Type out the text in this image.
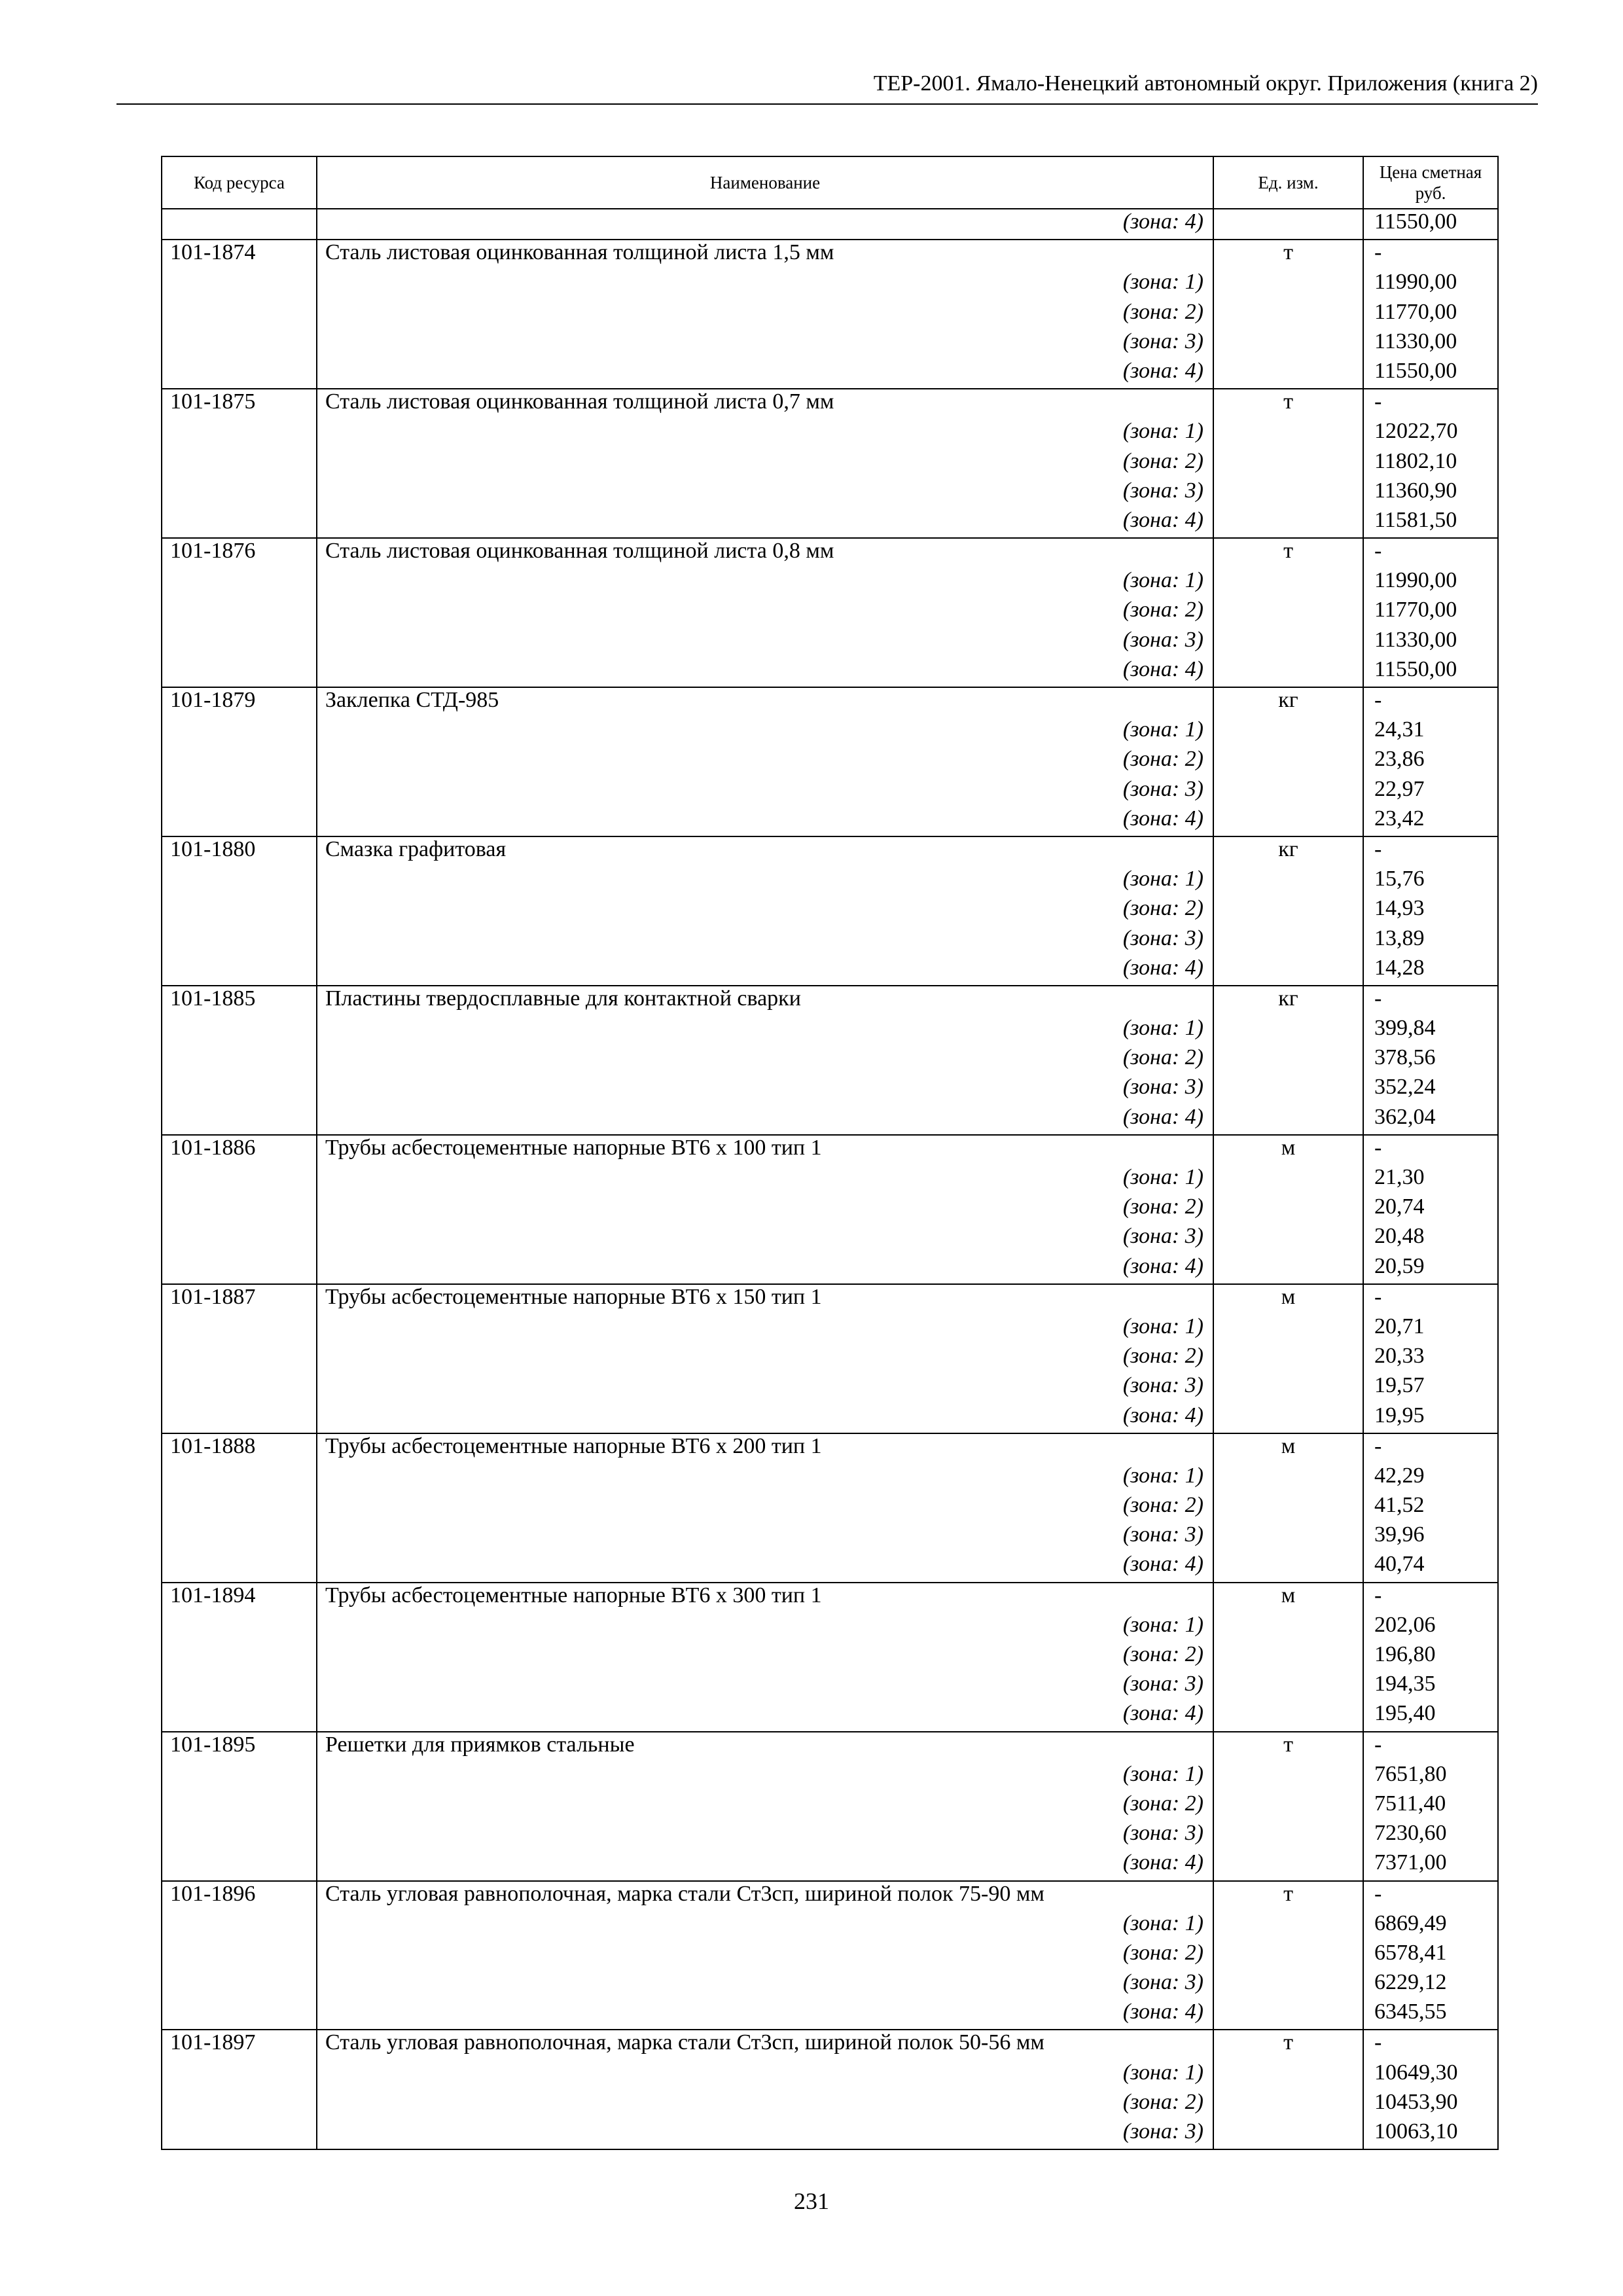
ТЕР-2001. Ямало-Ненецкий автономный округ. Приложения (книга 2)
Код ресурса	Наименование	Ед. изм.	Цена сметная руб.
	(зона: 4)		11550,00
101-1874	Сталь листовая оцинкованная толщиной листа 1,5 мм	т	-
	(зона: 1)		11990,00
	(зона: 2)		11770,00
	(зона: 3)		11330,00
	(зона: 4)		11550,00
101-1875	Сталь листовая оцинкованная толщиной листа 0,7 мм	т	-
	(зона: 1)		12022,70
	(зона: 2)		11802,10
	(зона: 3)		11360,90
	(зона: 4)		11581,50
101-1876	Сталь листовая оцинкованная толщиной листа 0,8 мм	т	-
	(зона: 1)		11990,00
	(зона: 2)		11770,00
	(зона: 3)		11330,00
	(зона: 4)		11550,00
101-1879	Заклепка СТД-985	кг	-
	(зона: 1)		24,31
	(зона: 2)		23,86
	(зона: 3)		22,97
	(зона: 4)		23,42
101-1880	Смазка графитовая	кг	-
	(зона: 1)		15,76
	(зона: 2)		14,93
	(зона: 3)		13,89
	(зона: 4)		14,28
101-1885	Пластины твердосплавные для контактной сварки	кг	-
	(зона: 1)		399,84
	(зона: 2)		378,56
	(зона: 3)		352,24
	(зона: 4)		362,04
101-1886	Трубы асбестоцементные напорные ВТ6 х 100 тип 1	м	-
	(зона: 1)		21,30
	(зона: 2)		20,74
	(зона: 3)		20,48
	(зона: 4)		20,59
101-1887	Трубы асбестоцементные напорные ВТ6 х 150 тип 1	м	-
	(зона: 1)		20,71
	(зона: 2)		20,33
	(зона: 3)		19,57
	(зона: 4)		19,95
101-1888	Трубы асбестоцементные напорные ВТ6 х 200 тип 1	м	-
	(зона: 1)		42,29
	(зона: 2)		41,52
	(зона: 3)		39,96
	(зона: 4)		40,74
101-1894	Трубы асбестоцементные напорные ВТ6 х 300 тип 1	м	-
	(зона: 1)		202,06
	(зона: 2)		196,80
	(зона: 3)		194,35
	(зона: 4)		195,40
101-1895	Решетки для приямков стальные	т	-
	(зона: 1)		7651,80
	(зона: 2)		7511,40
	(зона: 3)		7230,60
	(зона: 4)		7371,00
101-1896	Сталь угловая равнополочная, марка стали Ст3сп, шириной полок 75-90 мм	т	-
	(зона: 1)		6869,49
	(зона: 2)		6578,41
	(зона: 3)		6229,12
	(зона: 4)		6345,55
101-1897	Сталь угловая равнополочная, марка стали Ст3сп, шириной полок 50-56 мм	т	-
	(зона: 1)		10649,30
	(зона: 2)		10453,90
	(зона: 3)		10063,10
231
